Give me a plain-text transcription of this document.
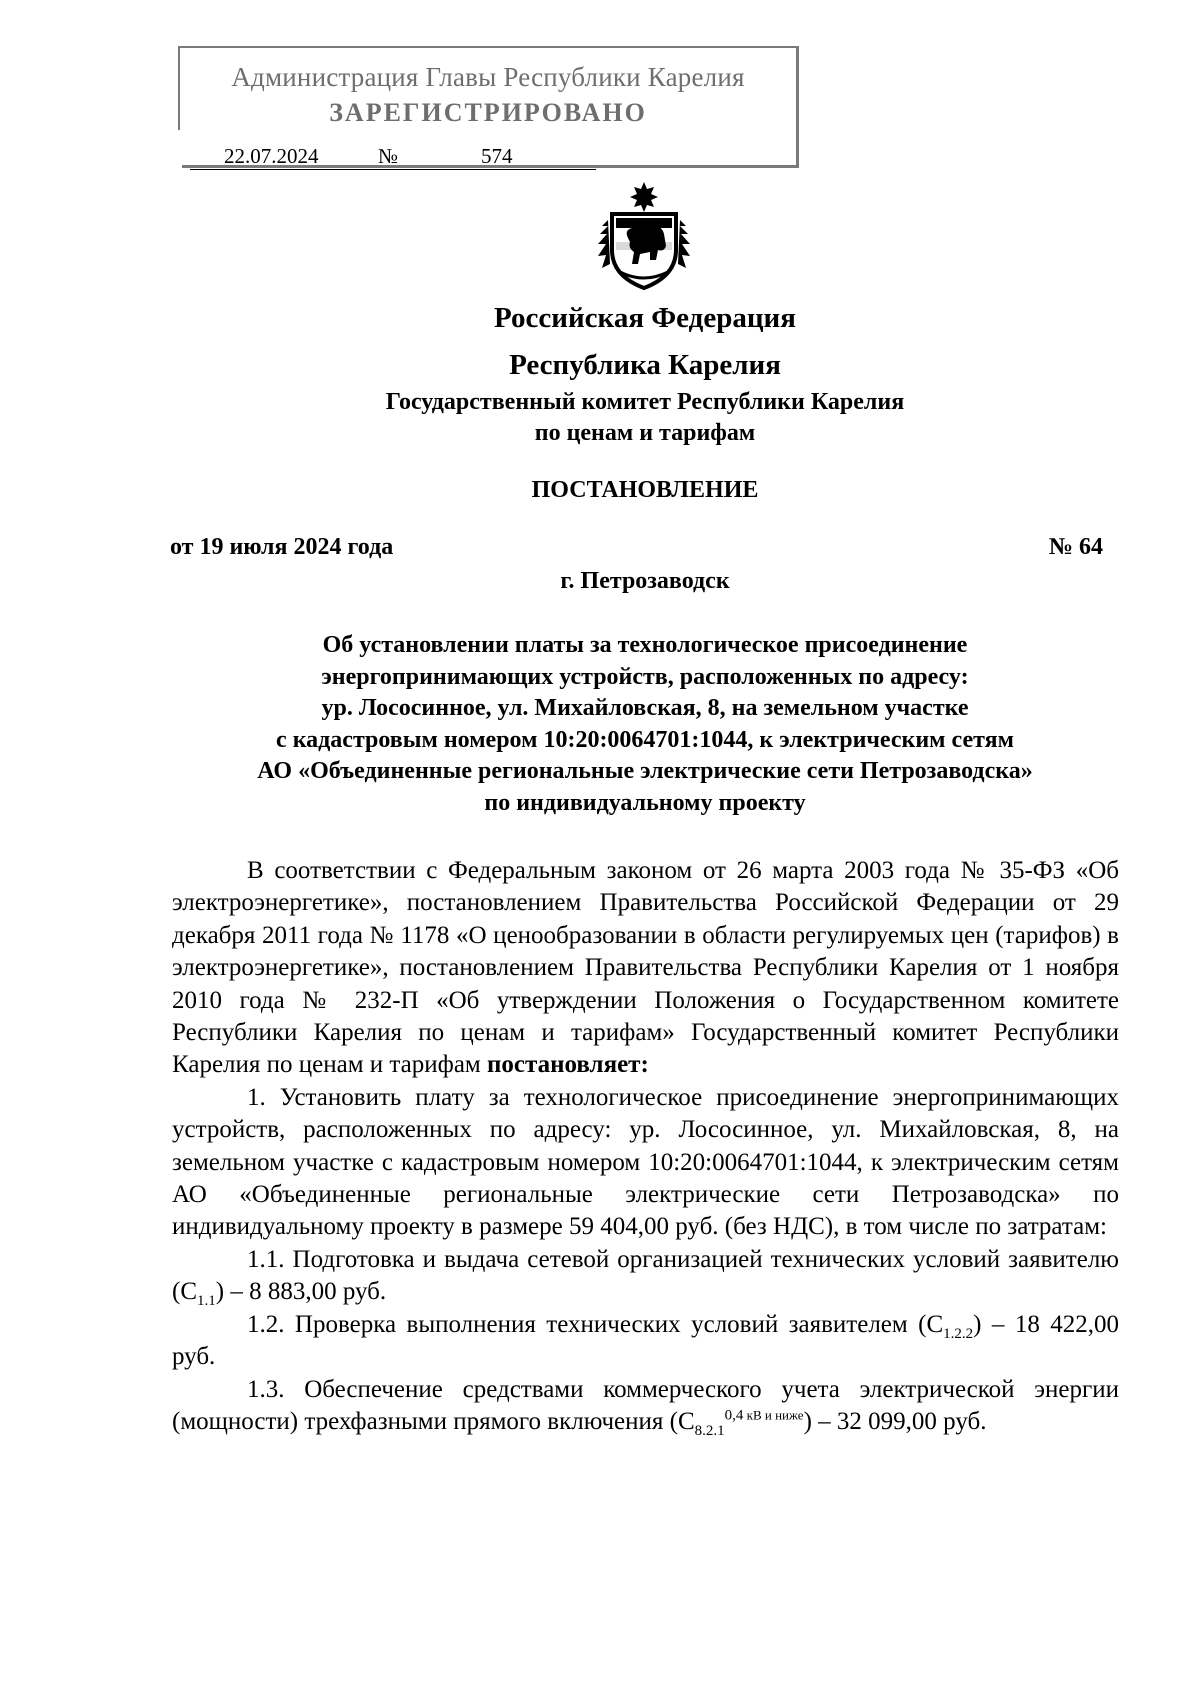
Администрация Главы Республики Карелия
ЗАРЕГИСТРИРОВАНО
22.07.2024	№	574
Российская Федерация
Республика Карелия
Государственный комитет Республики Карелия
по ценам и тарифам
ПОСТАНОВЛЕНИЕ
от 19 июля 2024 года	№ 64
г. Петрозаводск
Об установлении платы за технологическое присоединение
энергопринимающих устройств, расположенных по адресу:
ур. Лососинное, ул. Михайловская, 8, на земельном участке
с кадастровым номером 10:20:0064701:1044, к электрическим сетям
АО «Объединенные региональные электрические сети Петрозаводска»
по индивидуальному проекту

В соответствии с Федеральным законом от 26 марта 2003 года № 35-ФЗ «Об электроэнергетике», постановлением Правительства Российской Федерации от 29 декабря 2011 года № 1178 «О ценообразовании в области регулируемых цен (тарифов) в электроэнергетике», постановлением Правительства Республики Карелия от 1 ноября 2010 года № 232-П «Об утверждении Положения о Государственном комитете Республики Карелия по ценам и тарифам» Государственный комитет Республики Карелия по ценам и тарифам постановляет:

1. Установить плату за технологическое присоединение энергопринимающих устройств, расположенных по адресу: ур. Лососинное, ул. Михайловская, 8, на земельном участке с кадастровым номером 10:20:0064701:1044, к электрическим сетям АО «Объединенные региональные электрические сети Петрозаводска» по индивидуальному проекту в размере 59 404,00 руб. (без НДС), в том числе по затратам:

1.1. Подготовка и выдача сетевой организацией технических условий заявителю $(С_{1.1}) - 8$ 883,00 руб.

1.2. Проверка выполнения технических условий заявителем $(С_{1.2.2}) - 18$ 422,00 руб.

1.3. Обеспечение средствами коммерческого учета электрической энергии (мощности) трехфазными прямого включения ($С_{8.2.1}^{0,4}$ $^{кВ и ниже}$) – 32 099,00 руб.
